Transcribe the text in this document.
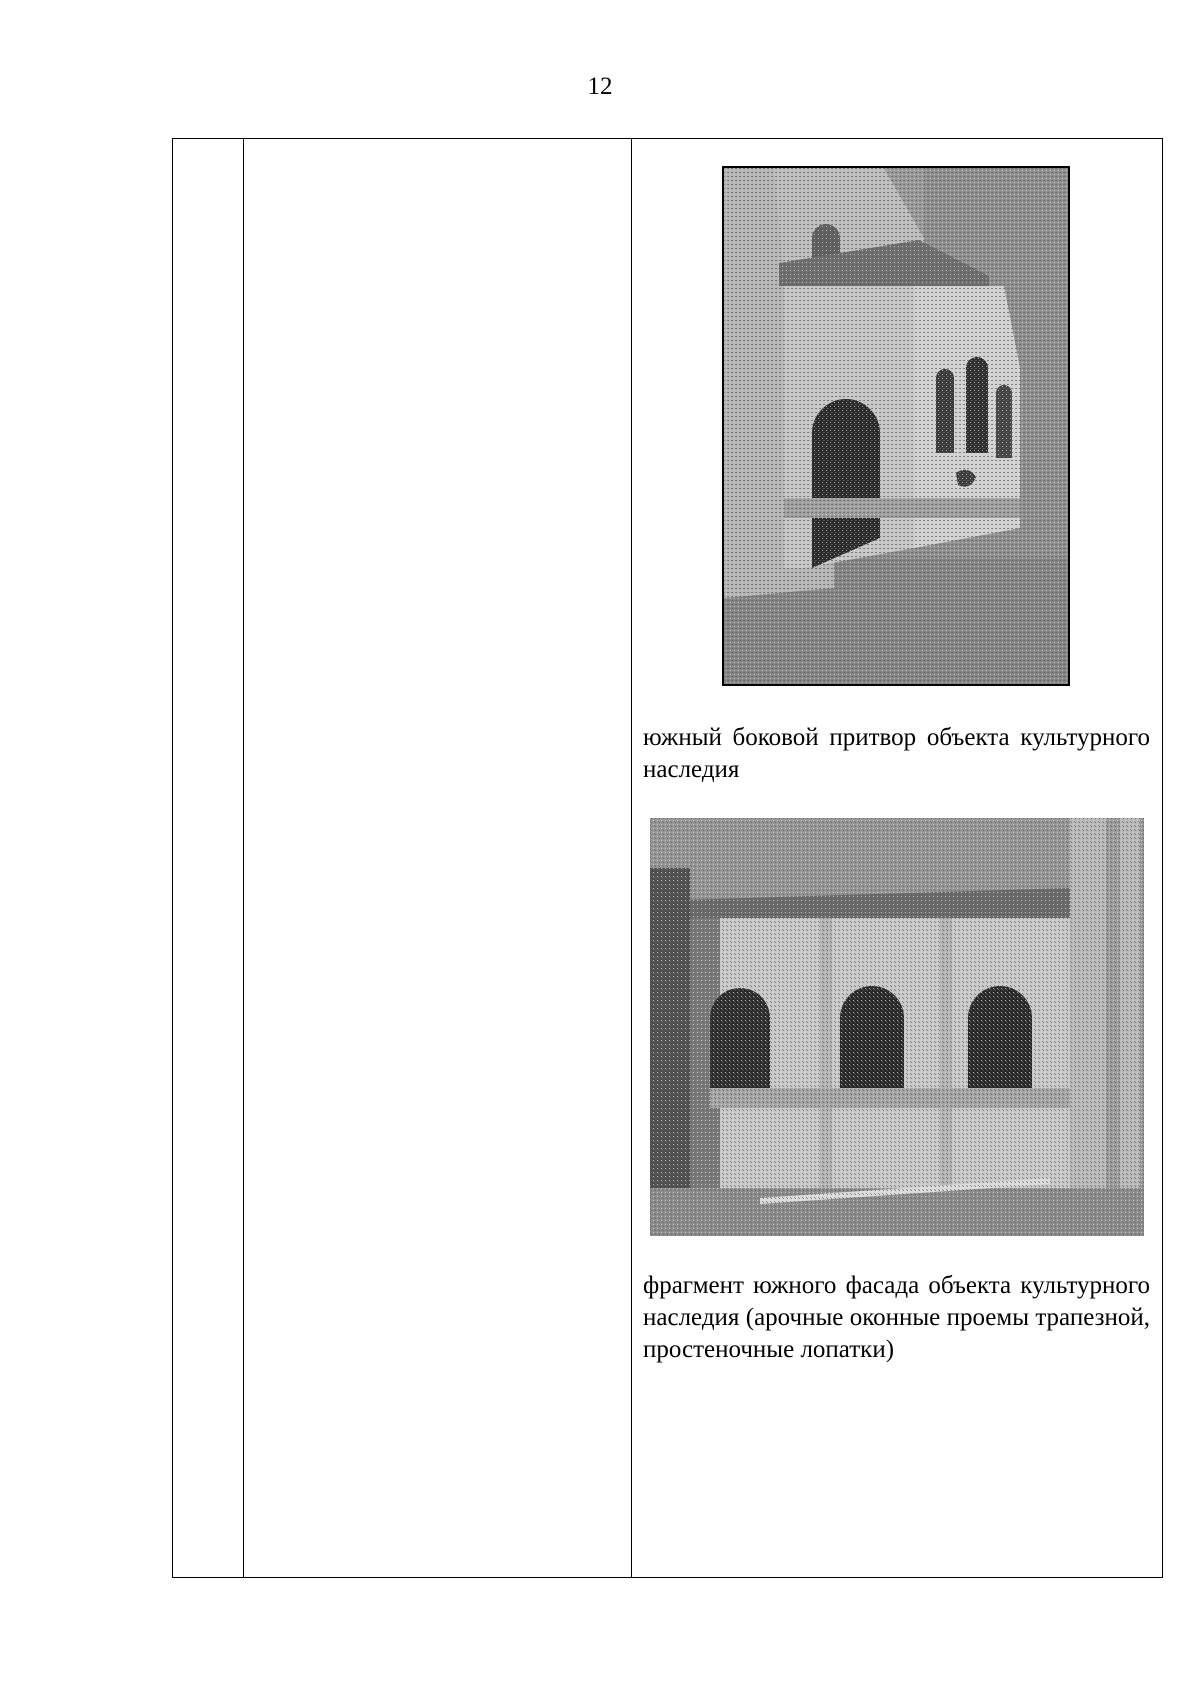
12
южный боковой притвор объекта культурного наследия
фрагмент южного фасада объекта культурного наследия (арочные оконные проемы трапезной, простеночные лопатки)
